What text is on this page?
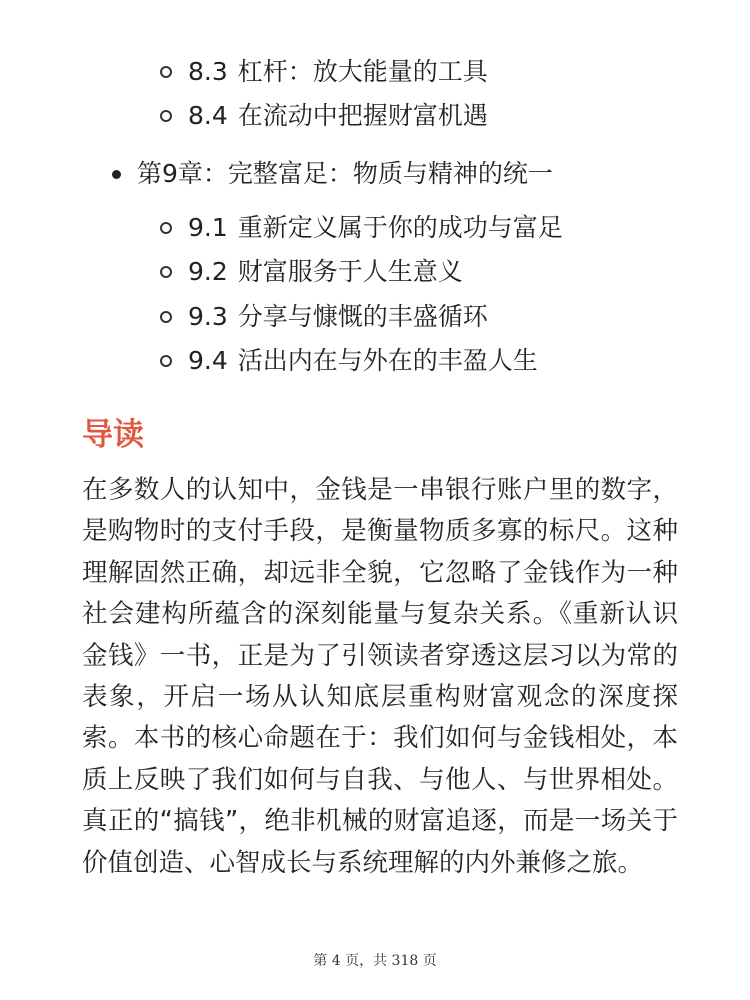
8.3 杠杆：放大能量的工具
8.4 在流动中把握财富机遇
第9章：完整富足：物质与精神的统一
9.1 重新定义属于你的成功与富足
9.2 财富服务于人生意义
9.3 分享与慷慨的丰盛循环
9.4 活出内在与外在的丰盈人生
导读
在多数人的认知中，金钱是一串银行账户里的数字，是购物时的支付手段，是衡量物质多寡的标尺。这种理解固然正确，却远非全貌，它忽略了金钱作为一种社会建构所蕴含的深刻能量与复杂关系。《重新认识金钱》一书，正是为了引领读者穿透这层习以为常的表象，开启一场从认知底层重构财富观念的深度探索。本书的核心命题在于：我们如何与金钱相处，本质上反映了我们如何与自我、与他人、与世界相处。真正的“搞钱”，绝非机械的财富追逐，而是一场关于价值创造、心智成长与系统理解的内外兼修之旅。
第 4 页，共 318 页
